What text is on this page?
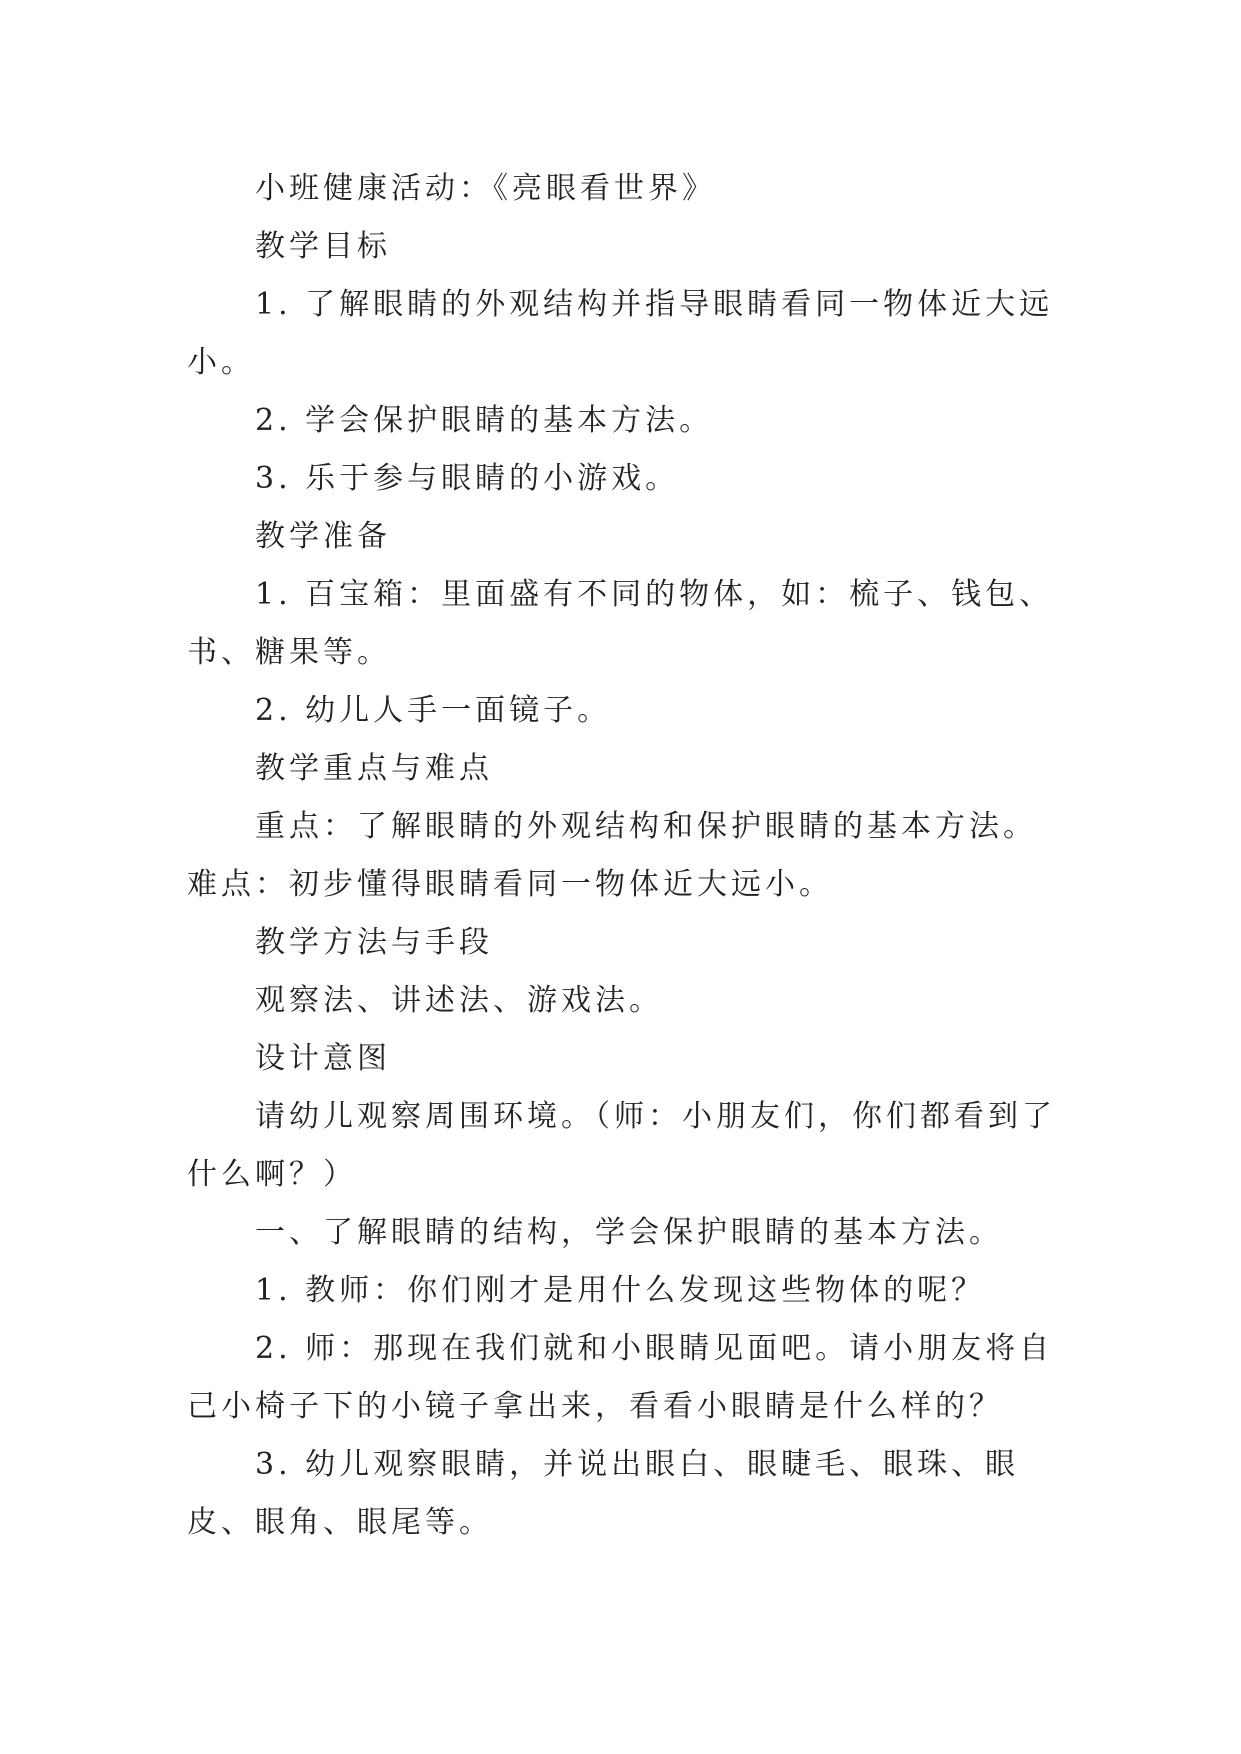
小班健康活动：《亮眼看世界》

教学目标

1. 了解眼睛的外观结构并指导眼睛看同一物体近大远小。

2. 学会保护眼睛的基本方法。

3. 乐于参与眼睛的小游戏。

教学准备

1. 百宝箱：里面盛有不同的物体，如：梳子、钱包、书、糖果等。

2. 幼儿人手一面镜子。

教学重点与难点

重点：了解眼睛的外观结构和保护眼睛的基本方法。难点：初步懂得眼睛看同一物体近大远小。

教学方法与手段

观察法、讲述法、游戏法。

设计意图

请幼儿观察周围环境。（师：小朋友们，你们都看到了什么啊？）

一、了解眼睛的结构，学会保护眼睛的基本方法。

1. 教师：你们刚才是用什么发现这些物体的呢？

2. 师：那现在我们就和小眼睛见面吧。请小朋友将自己小椅子下的小镜子拿出来，看看小眼睛是什么样的？

3. 幼儿观察眼睛，并说出眼白、眼睫毛、眼珠、眼皮、眼角、眼尾等。
